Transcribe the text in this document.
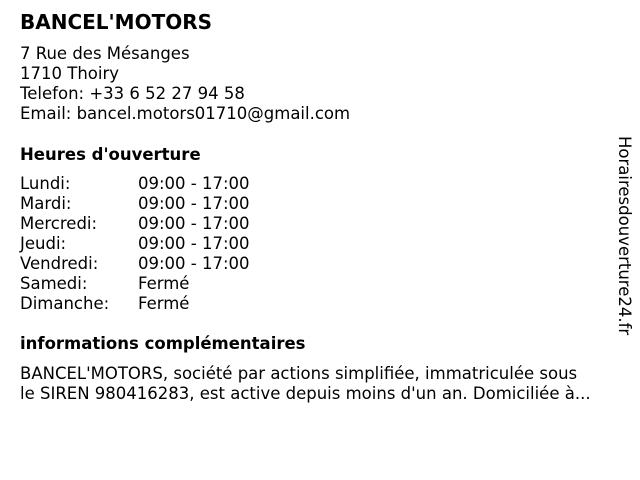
BANCEL'MOTORS
7 Rue des Mésanges
1710 Thoiry
Telefon: +33 6 52 27 94 58
Email: bancel.motors01710@gmail.com
Heures d'ouverture
Lundi:	09:00 - 17:00
Mardi:	09:00 - 17:00
Mercredi:	09:00 - 17:00
Jeudi:	09:00 - 17:00
Vendredi:	09:00 - 17:00
Samedi:	Fermé
Dimanche:	Fermé
informations complémentaires
BANCEL'MOTORS, société par actions simplifiée, immatriculée sous
le SIREN 980416283, est active depuis moins d'un an. Domiciliée à...
Horairesdouverture24.fr
